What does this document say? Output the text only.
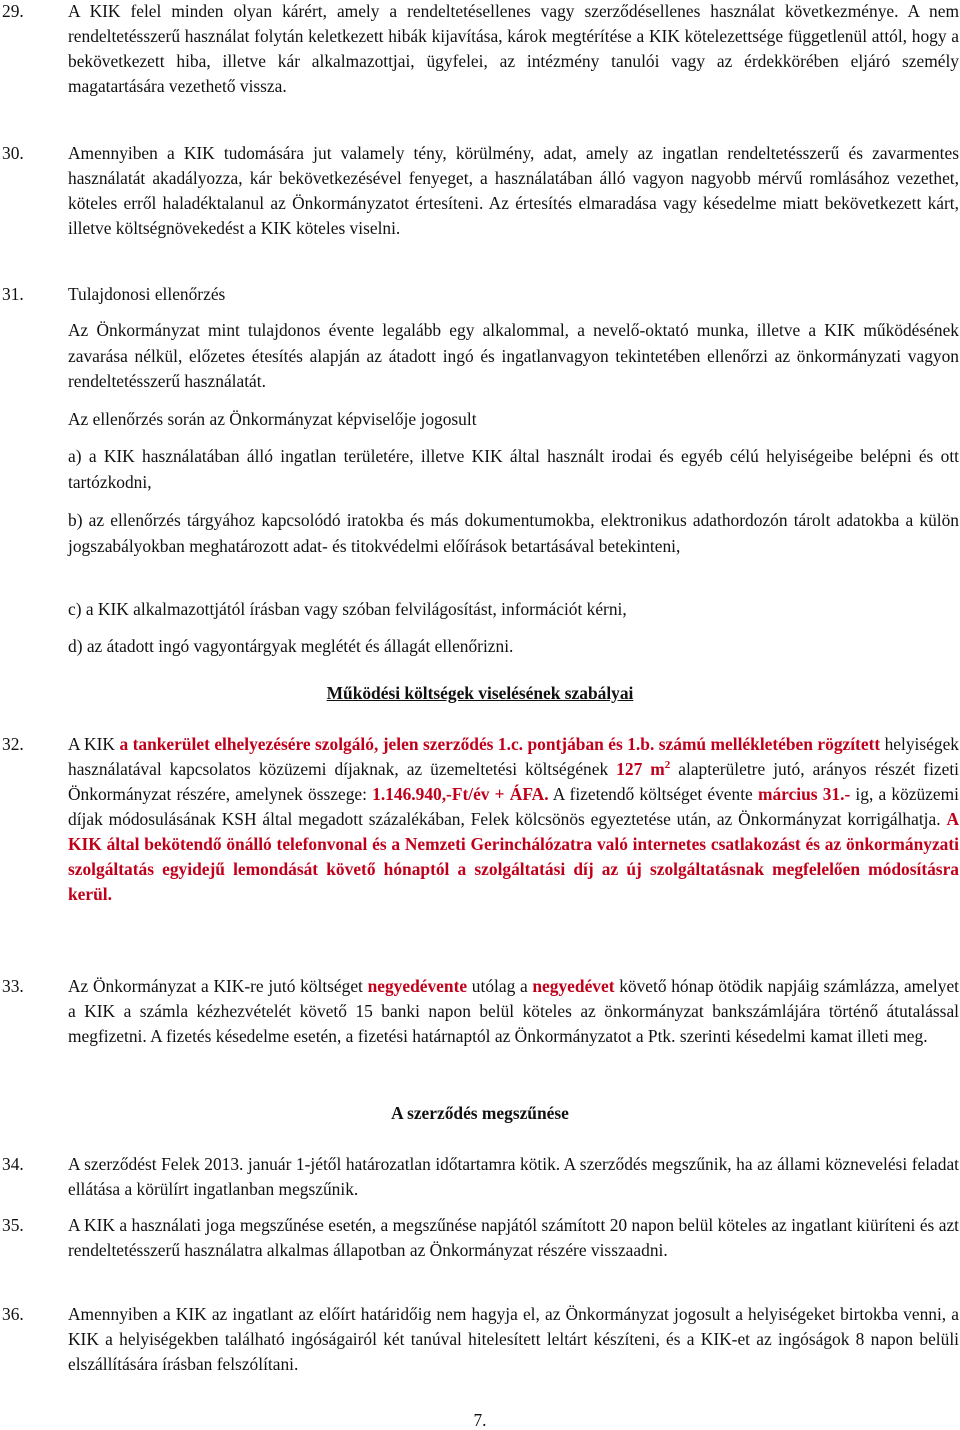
29.	A KIK felel minden olyan kárért, amely a rendeltetésellenes vagy szerződésellenes használat következménye. A nem rendeltetésszerű használat folytán keletkezett hibák kijavítása, károk megtérítése a KIK kötelezettsége függetlenül attól, hogy a bekövetkezett hiba, illetve kár alkalmazottjai, ügyfelei, az intézmény tanulói vagy az érdekkörében eljáró személy magatartására vezethető vissza.
30.	Amennyiben a KIK tudomására jut valamely tény, körülmény, adat, amely az ingatlan rendeltetésszerű és zavarmentes használatát akadályozza, kár bekövetkezésével fenyeget, a használatában álló vagyon nagyobb mérvű romlásához vezethet, köteles erről haladéktalanul az Önkormányzatot értesíteni. Az értesítés elmaradása vagy késedelme miatt bekövetkezett kárt, illetve költségnövekedést a KIK köteles viselni.
31.	Tulajdonosi ellenőrzés
Az Önkormányzat mint tulajdonos évente legalább egy alkalommal, a nevelő-oktató munka, illetve a KIK működésének zavarása nélkül, előzetes étesítés alapján az átadott ingó és ingatlanvagyon tekintetében ellenőrzi az önkormányzati vagyon rendeltetésszerű használatát.
Az ellenőrzés során az Önkormányzat képviselője jogosult
a) a KIK használatában álló ingatlan területére, illetve KIK által használt irodai és egyéb célú helyiségeibe belépni és ott tartózkodni,
b) az ellenőrzés tárgyához kapcsolódó iratokba és más dokumentumokba, elektronikus adathordozón tárolt adatokba a külön jogszabályokban meghatározott adat- és titokvédelmi előírások betartásával betekinteni,
c) a KIK alkalmazottjától írásban vagy szóban felvilágosítást, információt kérni,
d) az átadott ingó vagyontárgyak meglétét és állagát ellenőrizni.
Működési költségek viselésének szabályai
32.	A KIK a tankerület elhelyezésére szolgáló, jelen szerződés 1.c. pontjában és 1.b. számú mellékletében rögzített helyiségek használatával kapcsolatos közüzemi díjaknak, az üzemeltetési költségének 127 $m^2$ alapterületre jutó, arányos részét fizeti Önkormányzat részére, amelynek összege: 1.146.940,-Ft/év + ÁFA. A fizetendő költséget évente március 31.- ig, a közüzemi díjak módosulásának KSH által megadott százalékában, Felek kölcsönös egyeztetése után, az Önkormányzat korrigálhatja. A KIK által bekötendő önálló telefonvonal és a Nemzeti Gerinchálózatra való internetes csatlakozást és az önkormányzati szolgáltatás egyidejű lemondását követő hónaptól a szolgáltatási díj az új szolgáltatásnak megfelelően módosításra kerül.
33.	Az Önkormányzat a KIK-re jutó költséget negyedévente utólag a negyedévet követő hónap ötödik napjáig számlázza, amelyet a KIK a számla kézhezvételét követő 15 banki napon belül köteles az önkormányzat bankszámlájára történő átutalással megfizetni. A fizetés késedelme esetén, a fizetési határnaptól az Önkormányzatot a Ptk. szerinti késedelmi kamat illeti meg.
A szerződés megszűnése
34.	A szerződést Felek 2013. január 1-jétől határozatlan időtartamra kötik. A szerződés megszűnik, ha az állami köznevelési feladat ellátása a körülírt ingatlanban megszűnik.
35.	A KIK a használati joga megszűnése esetén, a megszűnése napjától számított 20 napon belül köteles az ingatlant kiüríteni és azt rendeltetésszerű használatra alkalmas állapotban az Önkormányzat részére visszaadni.
36.	Amennyiben a KIK az ingatlant az előírt határidőig nem hagyja el, az Önkormányzat jogosult a helyiségeket birtokba venni, a KIK a helyiségekben található ingóságairól két tanúval hitelesített leltárt készíteni, és a KIK-et az ingóságok 8 napon belüli elszállítására írásban felszólítani.
7.
